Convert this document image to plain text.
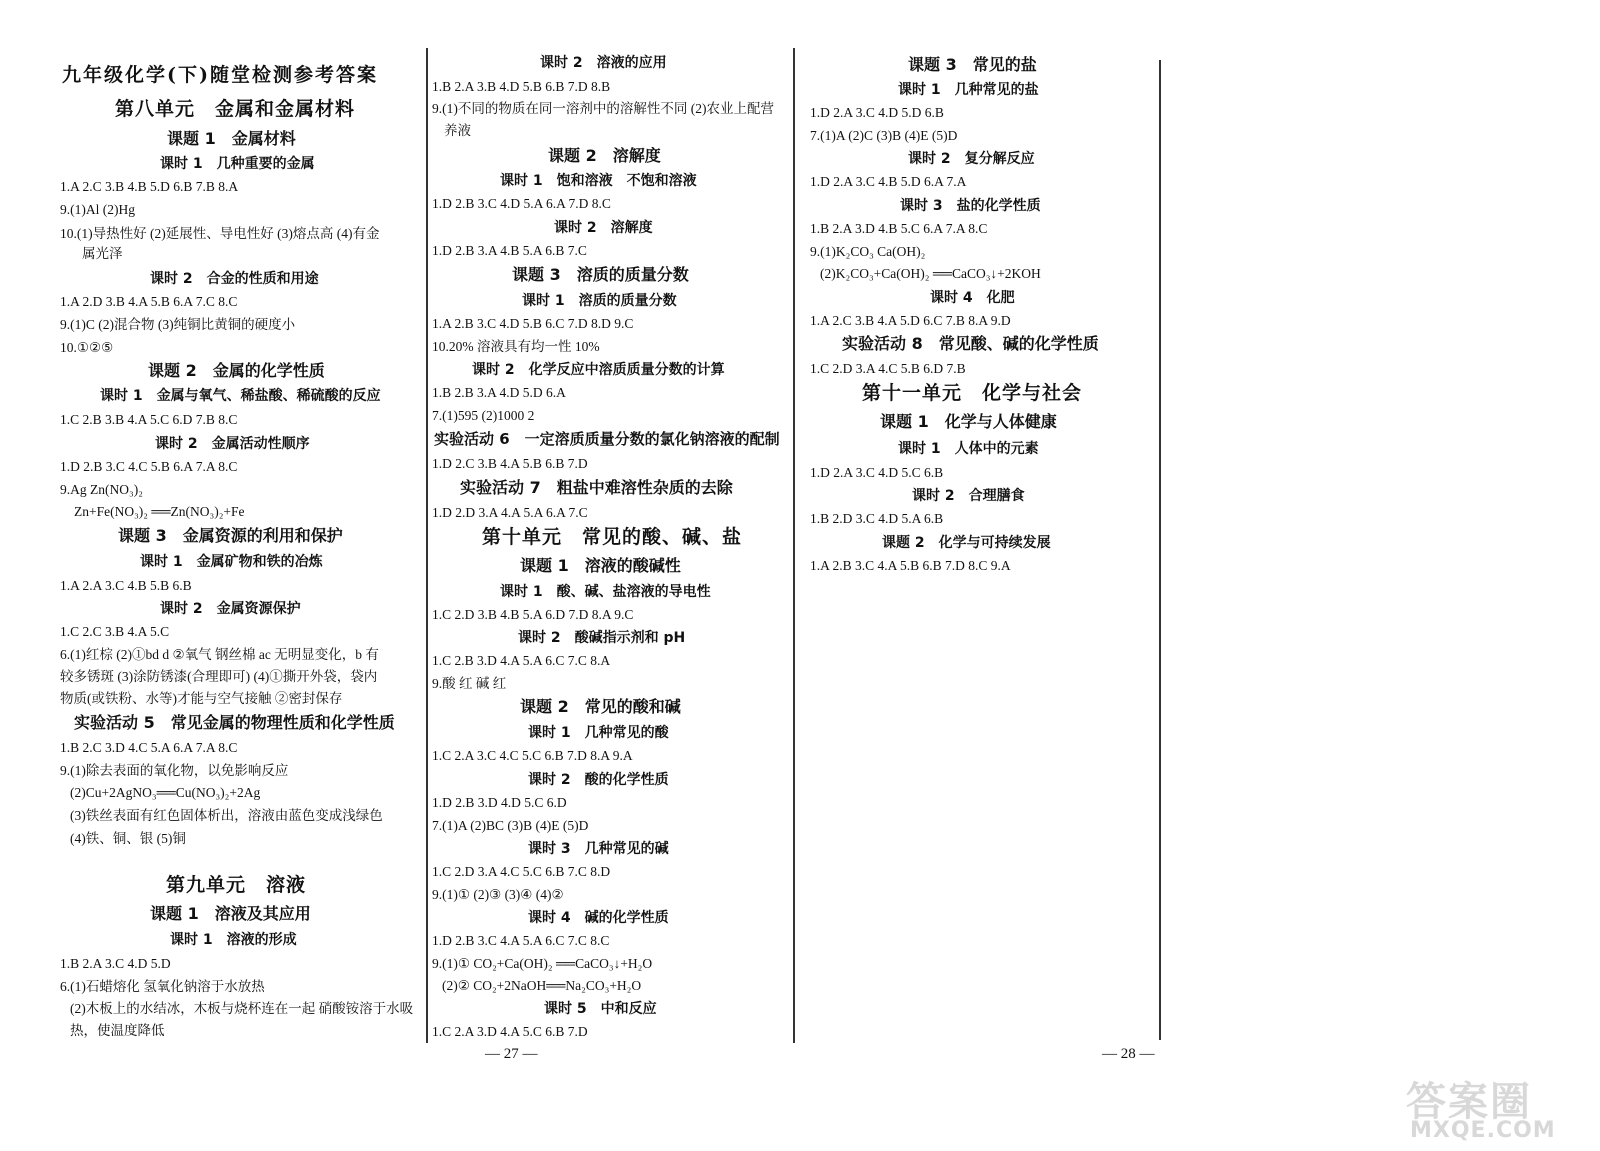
九年级化学(下)随堂检测参考答案
第八单元　金属和金属材料
课题 1　金属材料
课时 1　几种重要的金属
1.A 2.C 3.B 4.B 5.D 6.B 7.B 8.A
9.(1)Al (2)Hg
10.(1)导热性好 (2)延展性、导电性好 (3)熔点高 (4)有金
属光泽
课时 2　合金的性质和用途
1.A 2.D 3.B 4.A 5.B 6.A 7.C 8.C
9.(1)C (2)混合物 (3)纯铜比黄铜的硬度小
10.①②⑤
课题 2　金属的化学性质
课时 1　金属与氧气、稀盐酸、稀硫酸的反应
1.C 2.B 3.B 4.A 5.C 6.D 7.B 8.C
课时 2　金属活动性顺序
1.D 2.B 3.C 4.C 5.B 6.A 7.A 8.C
9.Ag Zn(NO₃)₂
Zn+Fe(NO₃)₂ ══Zn(NO₃)₂+Fe
课题 3　金属资源的利用和保护
课时 1　金属矿物和铁的冶炼
1.A 2.A 3.C 4.B 5.B 6.B
课时 2　金属资源保护
1.C 2.C 3.B 4.A 5.C
6.(1)红棕 (2)①bd d ②氧气 钢丝棉 ac 无明显变化，b 有
较多锈斑 (3)涂防锈漆(合理即可) (4)①撕开外袋，袋内
物质(或铁粉、水等)才能与空气接触 ②密封保存
实验活动 5　常见金属的物理性质和化学性质
1.B 2.C 3.D 4.C 5.A 6.A 7.A 8.C
9.(1)除去表面的氧化物，以免影响反应
(2)Cu+2AgNO₃══Cu(NO₃)₂+2Ag
(3)铁丝表面有红色固体析出，溶液由蓝色变成浅绿色
(4)铁、铜、银 (5)铜
第九单元　溶液
课题 1　溶液及其应用
课时 1　溶液的形成
1.B 2.A 3.C 4.D 5.D
6.(1)石蜡熔化 氢氧化钠溶于水放热
(2)木板上的水结冰，木板与烧杯连在一起 硝酸铵溶于水吸
热，使温度降低
课时 2　溶液的应用
1.B 2.A 3.B 4.D 5.B 6.B 7.D 8.B
9.(1)不同的物质在同一溶剂中的溶解性不同 (2)农业上配营
养液
课题 2　溶解度
课时 1　饱和溶液　不饱和溶液
1.D 2.B 3.C 4.D 5.A 6.A 7.D 8.C
课时 2　溶解度
1.D 2.B 3.A 4.B 5.A 6.B 7.C
课题 3　溶质的质量分数
课时 1　溶质的质量分数
1.A 2.B 3.C 4.D 5.B 6.C 7.D 8.D 9.C
10.20% 溶液具有均一性 10%
课时 2　化学反应中溶质质量分数的计算
1.B 2.B 3.A 4.D 5.D 6.A
7.(1)595 (2)1000 2
实验活动 6　一定溶质质量分数的氯化钠溶液的配制
1.D 2.C 3.B 4.A 5.B 6.B 7.D
实验活动 7　粗盐中难溶性杂质的去除
1.D 2.D 3.A 4.A 5.A 6.A 7.C
第十单元　常见的酸、碱、盐
课题 1　溶液的酸碱性
课时 1　酸、碱、盐溶液的导电性
1.C 2.D 3.B 4.B 5.A 6.D 7.D 8.A 9.C
课时 2　酸碱指示剂和 pH
1.C 2.B 3.D 4.A 5.A 6.C 7.C 8.A
9.酸 红 碱 红
课题 2　常见的酸和碱
课时 1　几种常见的酸
1.C 2.A 3.C 4.C 5.C 6.B 7.D 8.A 9.A
课时 2　酸的化学性质
1.D 2.B 3.D 4.D 5.C 6.D
7.(1)A (2)BC (3)B (4)E (5)D
课时 3　几种常见的碱
1.C 2.D 3.A 4.C 5.C 6.B 7.C 8.D
9.(1)① (2)③ (3)④ (4)②
课时 4　碱的化学性质
1.D 2.B 3.C 4.A 5.A 6.C 7.C 8.C
9.(1)① CO₂+Ca(OH)₂ ══CaCO₃↓+H₂O
(2)② CO₂+2NaOH══Na₂CO₃+H₂O
课时 5　中和反应
1.C 2.A 3.D 4.A 5.C 6.B 7.D
课题 3　常见的盐
课时 1　几种常见的盐
1.D 2.A 3.C 4.D 5.D 6.B
7.(1)A (2)C (3)B (4)E (5)D
课时 2　复分解反应
1.D 2.A 3.C 4.B 5.D 6.A 7.A
课时 3　盐的化学性质
1.B 2.A 3.D 4.B 5.C 6.A 7.A 8.C
9.(1)K₂CO₃ Ca(OH)₂
(2)K₂CO₃+Ca(OH)₂ ══CaCO₃↓+2KOH
课时 4　化肥
1.A 2.C 3.B 4.A 5.D 6.C 7.B 8.A 9.D
实验活动 8　常见酸、碱的化学性质
1.C 2.D 3.A 4.C 5.B 6.D 7.B
第十一单元　化学与社会
课题 1　化学与人体健康
课时 1　人体中的元素
1.D 2.A 3.C 4.D 5.C 6.B
课时 2　合理膳食
1.B 2.D 3.C 4.D 5.A 6.B
课题 2　化学与可持续发展
1.A 2.B 3.C 4.A 5.B 6.B 7.D 8.C 9.A
— 27 —	— 28 —
答案圈
MXQE.COM
